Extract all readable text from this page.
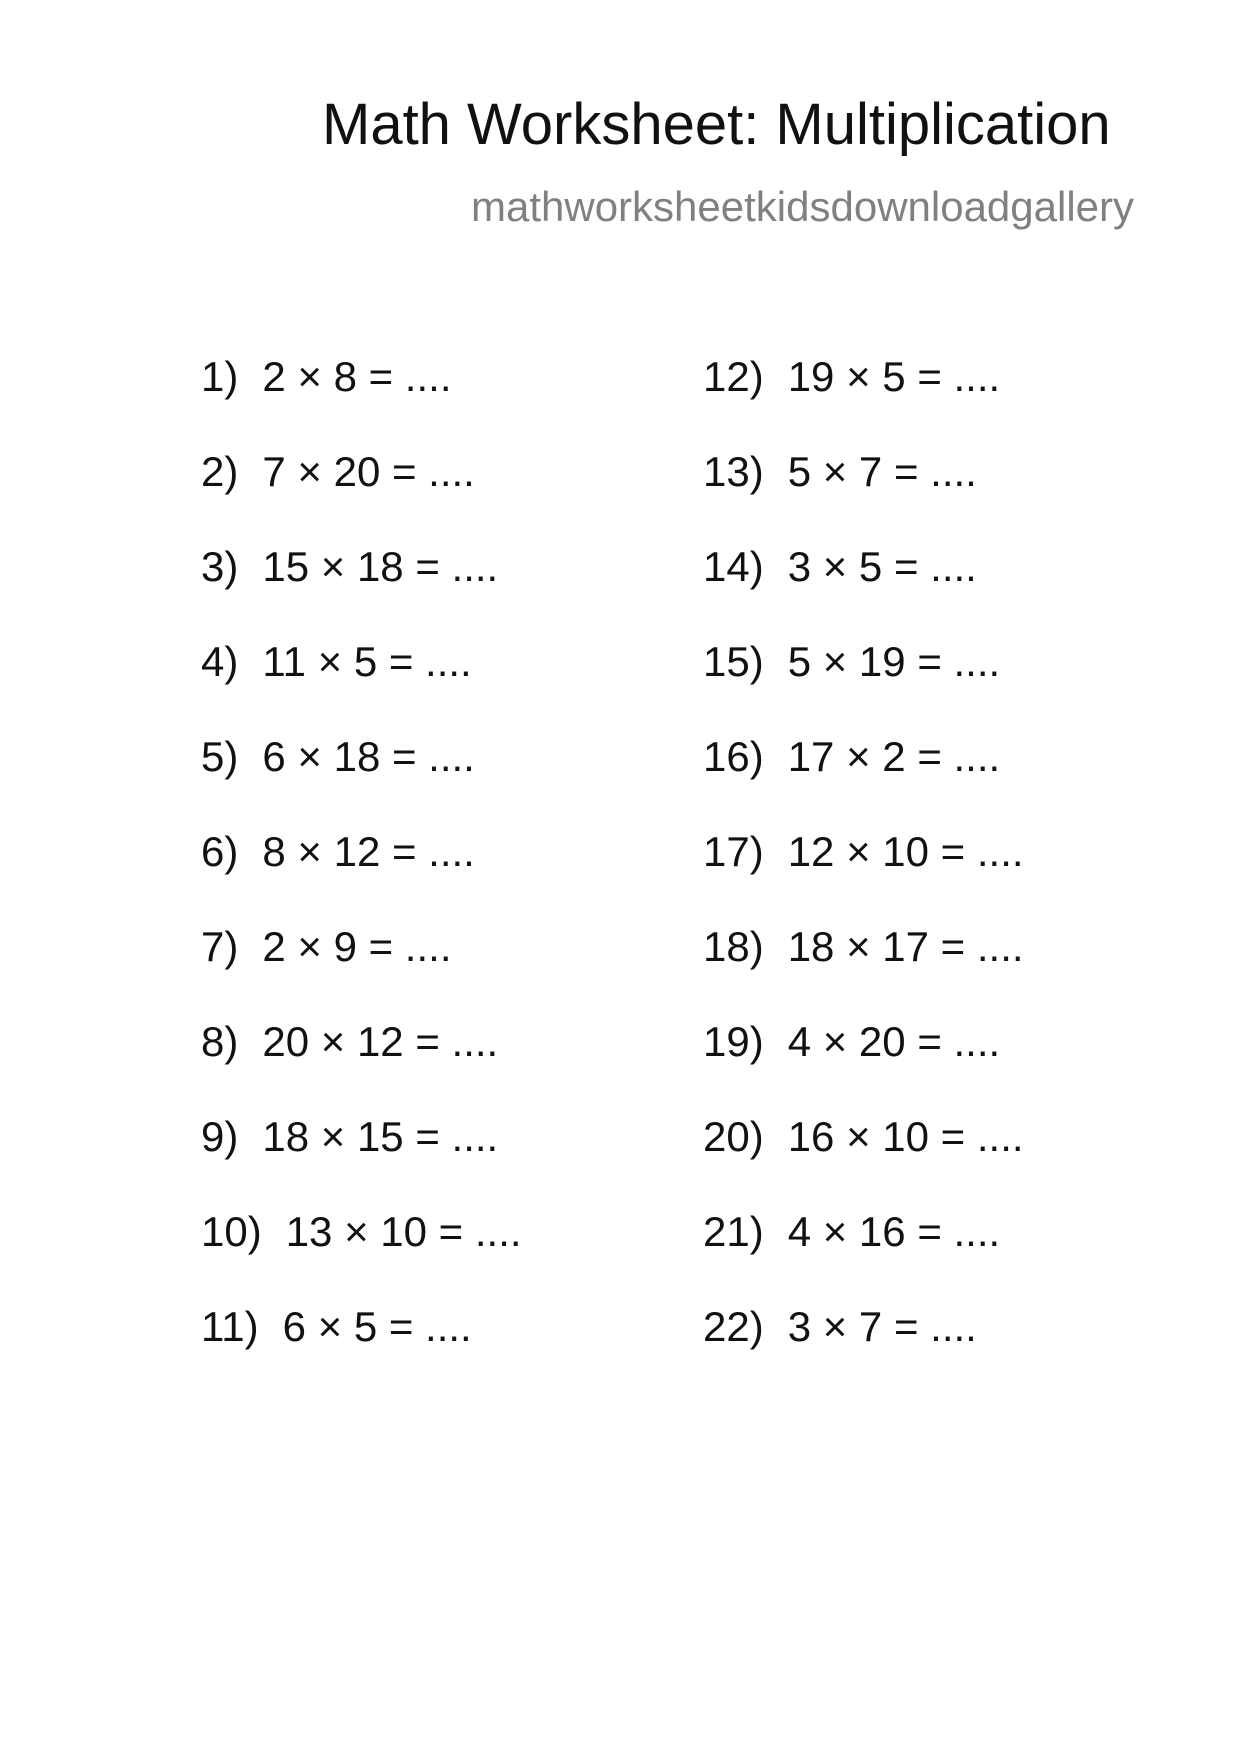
Math Worksheet: Multiplication
mathworksheetkidsdownloadgallery
1) 2 × 8 = ....
2) 7 × 20 = ....
3) 15 × 18 = ....
4) 11 × 5 = ....
5) 6 × 18 = ....
6) 8 × 12 = ....
7) 2 × 9 = ....
8) 20 × 12 = ....
9) 18 × 15 = ....
10) 13 × 10 = ....
11) 6 × 5 = ....
12) 19 × 5 = ....
13) 5 × 7 = ....
14) 3 × 5 = ....
15) 5 × 19 = ....
16) 17 × 2 = ....
17) 12 × 10 = ....
18) 18 × 17 = ....
19) 4 × 20 = ....
20) 16 × 10 = ....
21) 4 × 16 = ....
22) 3 × 7 = ....
